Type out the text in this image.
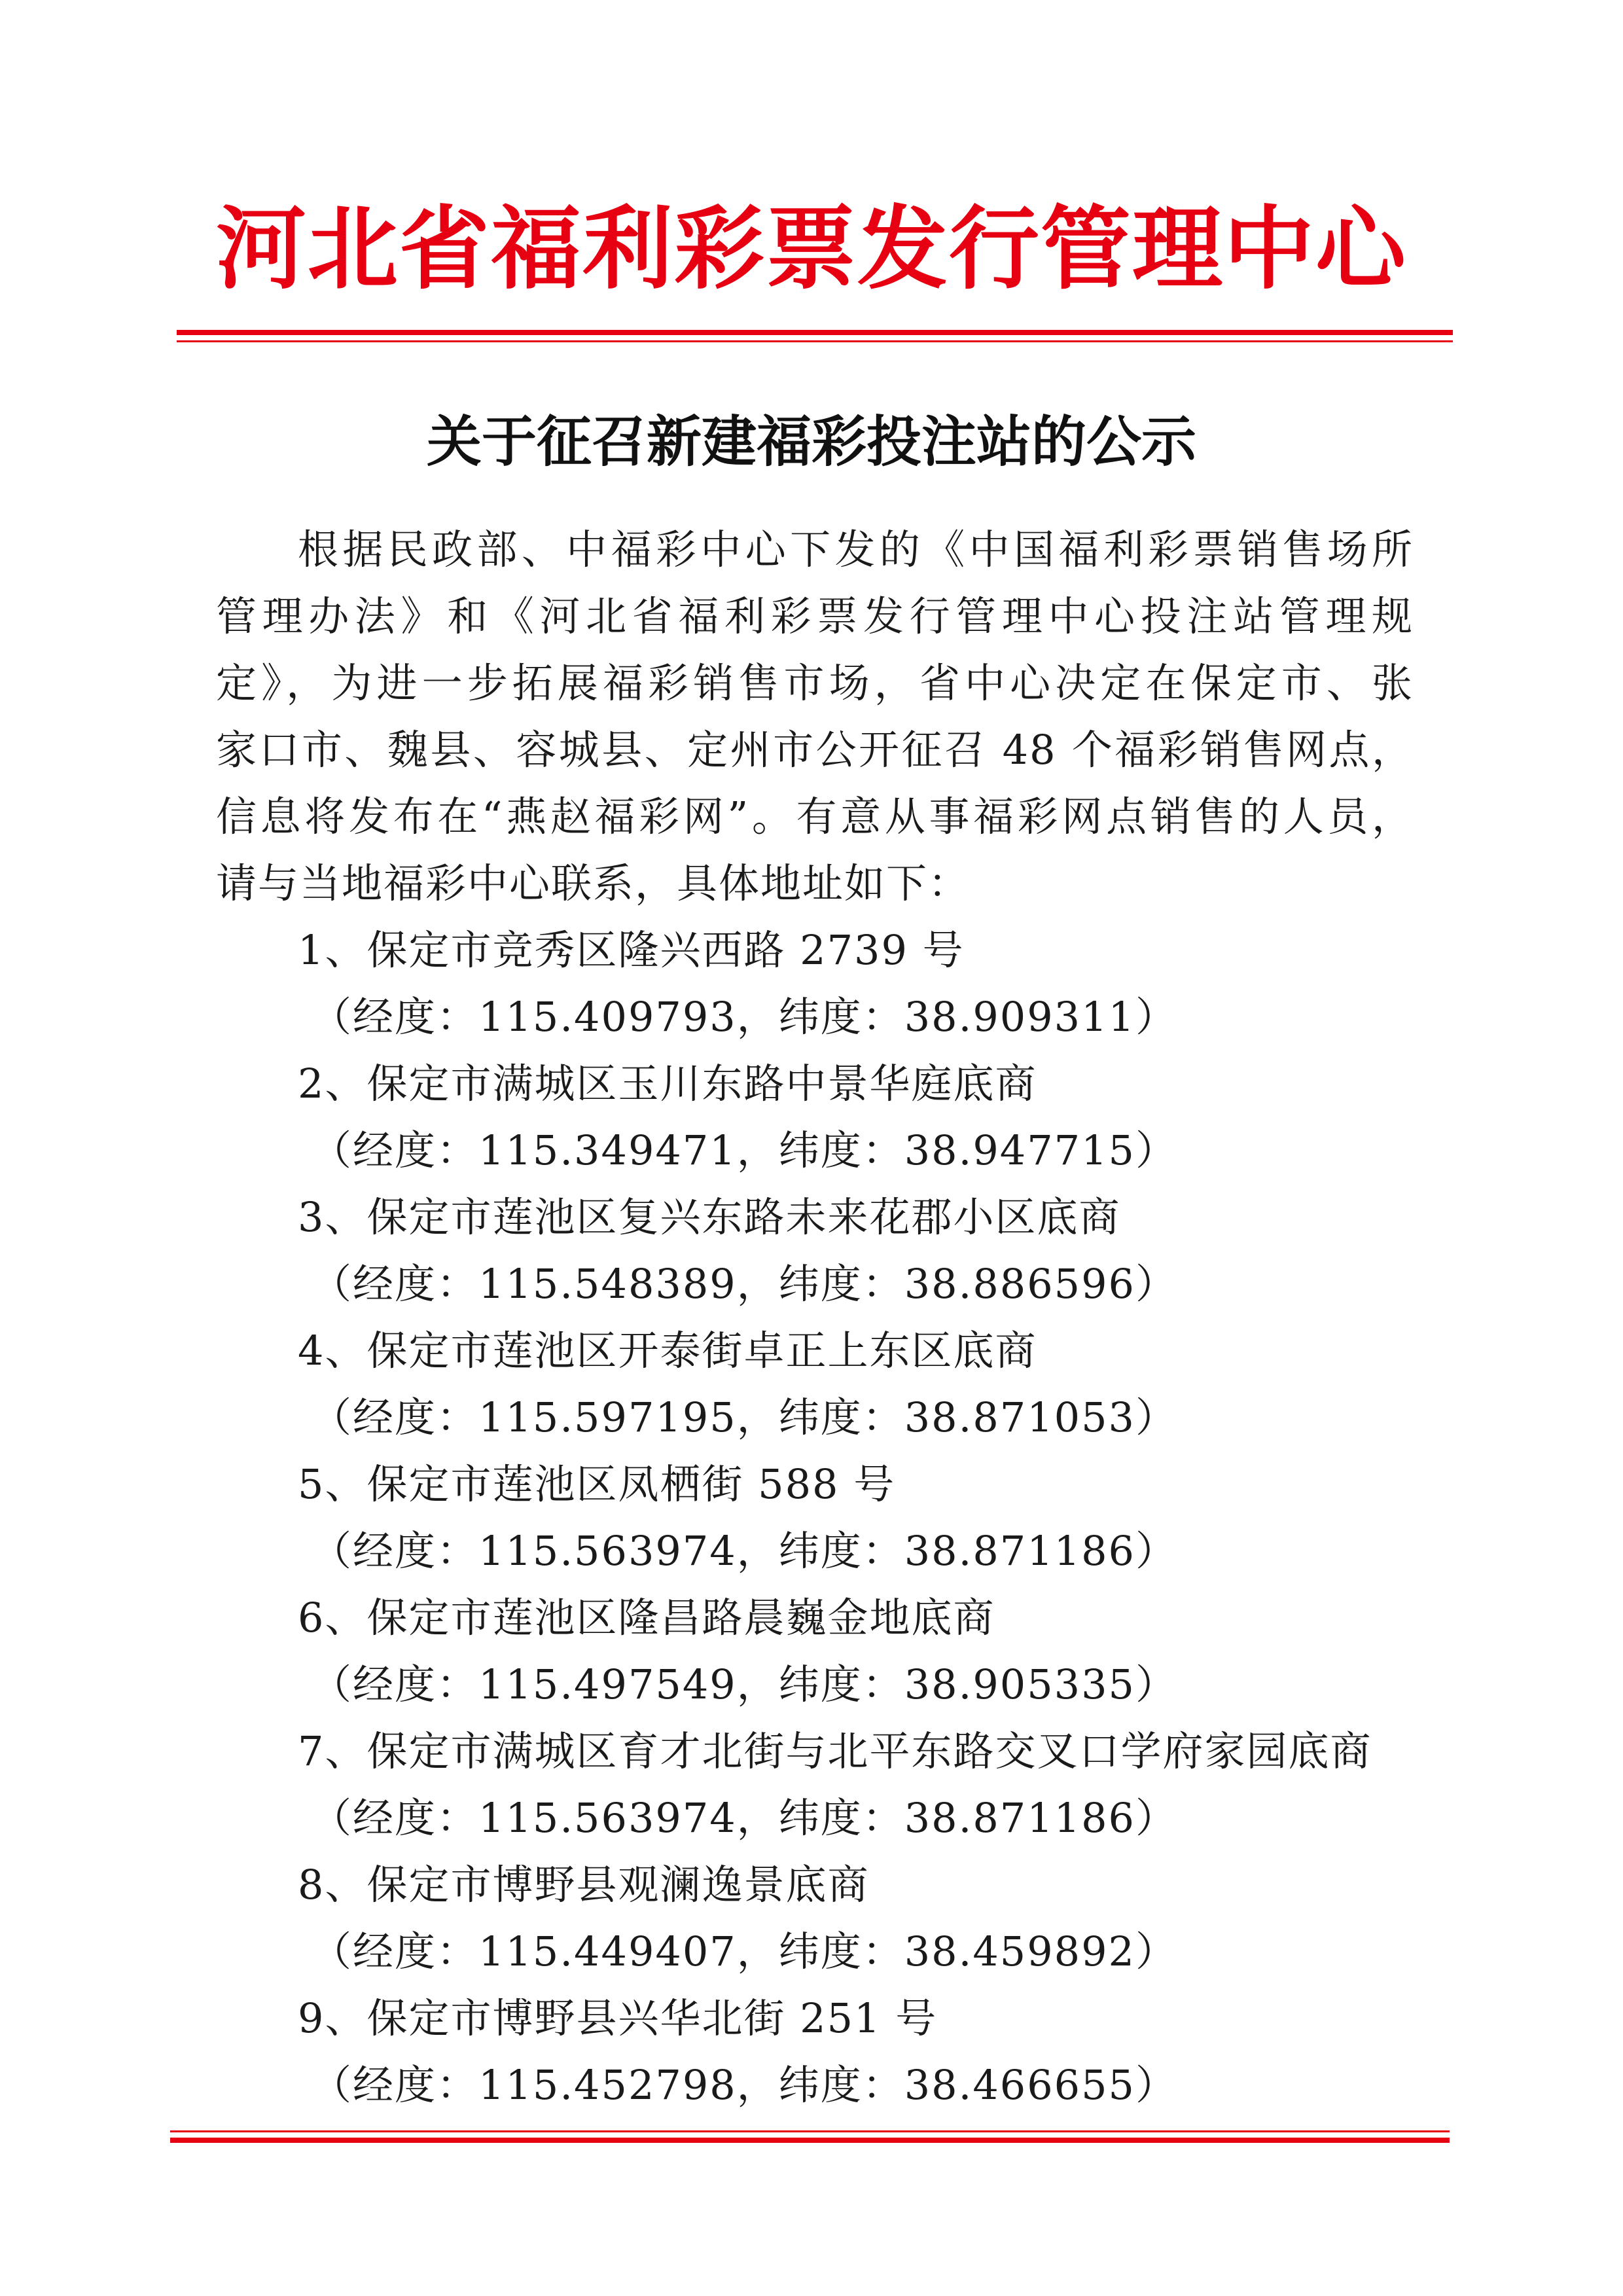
河北省福利彩票发行管理中心
关于征召新建福彩投注站的公示
根据民政部、中福彩中心下发的《中国福利彩票销售场所
管理办法》和《河北省福利彩票发行管理中心投注站管理规
定》，为进一步拓展福彩销售市场，省中心决定在保定市、张
家口市、魏县、容城县、定州市公开征召 48 个福彩销售网点，
信息将发布在“燕赵福彩网”。有意从事福彩网点销售的人员，
请与当地福彩中心联系，具体地址如下：
1、保定市竞秀区隆兴西路 2739 号
（经度：115.409793，纬度：38.909311）
2、保定市满城区玉川东路中景华庭底商
（经度：115.349471，纬度：38.947715）
3、保定市莲池区复兴东路未来花郡小区底商
（经度：115.548389，纬度：38.886596）
4、保定市莲池区开泰街卓正上东区底商
（经度：115.597195，纬度：38.871053）
5、保定市莲池区凤栖街 588 号
（经度：115.563974，纬度：38.871186）
6、保定市莲池区隆昌路晨巍金地底商
（经度：115.497549，纬度：38.905335）
7、保定市满城区育才北街与北平东路交叉口学府家园底商
（经度：115.563974，纬度：38.871186）
8、保定市博野县观澜逸景底商
（经度：115.449407，纬度：38.459892）
9、保定市博野县兴华北街 251 号
（经度：115.452798，纬度：38.466655）
